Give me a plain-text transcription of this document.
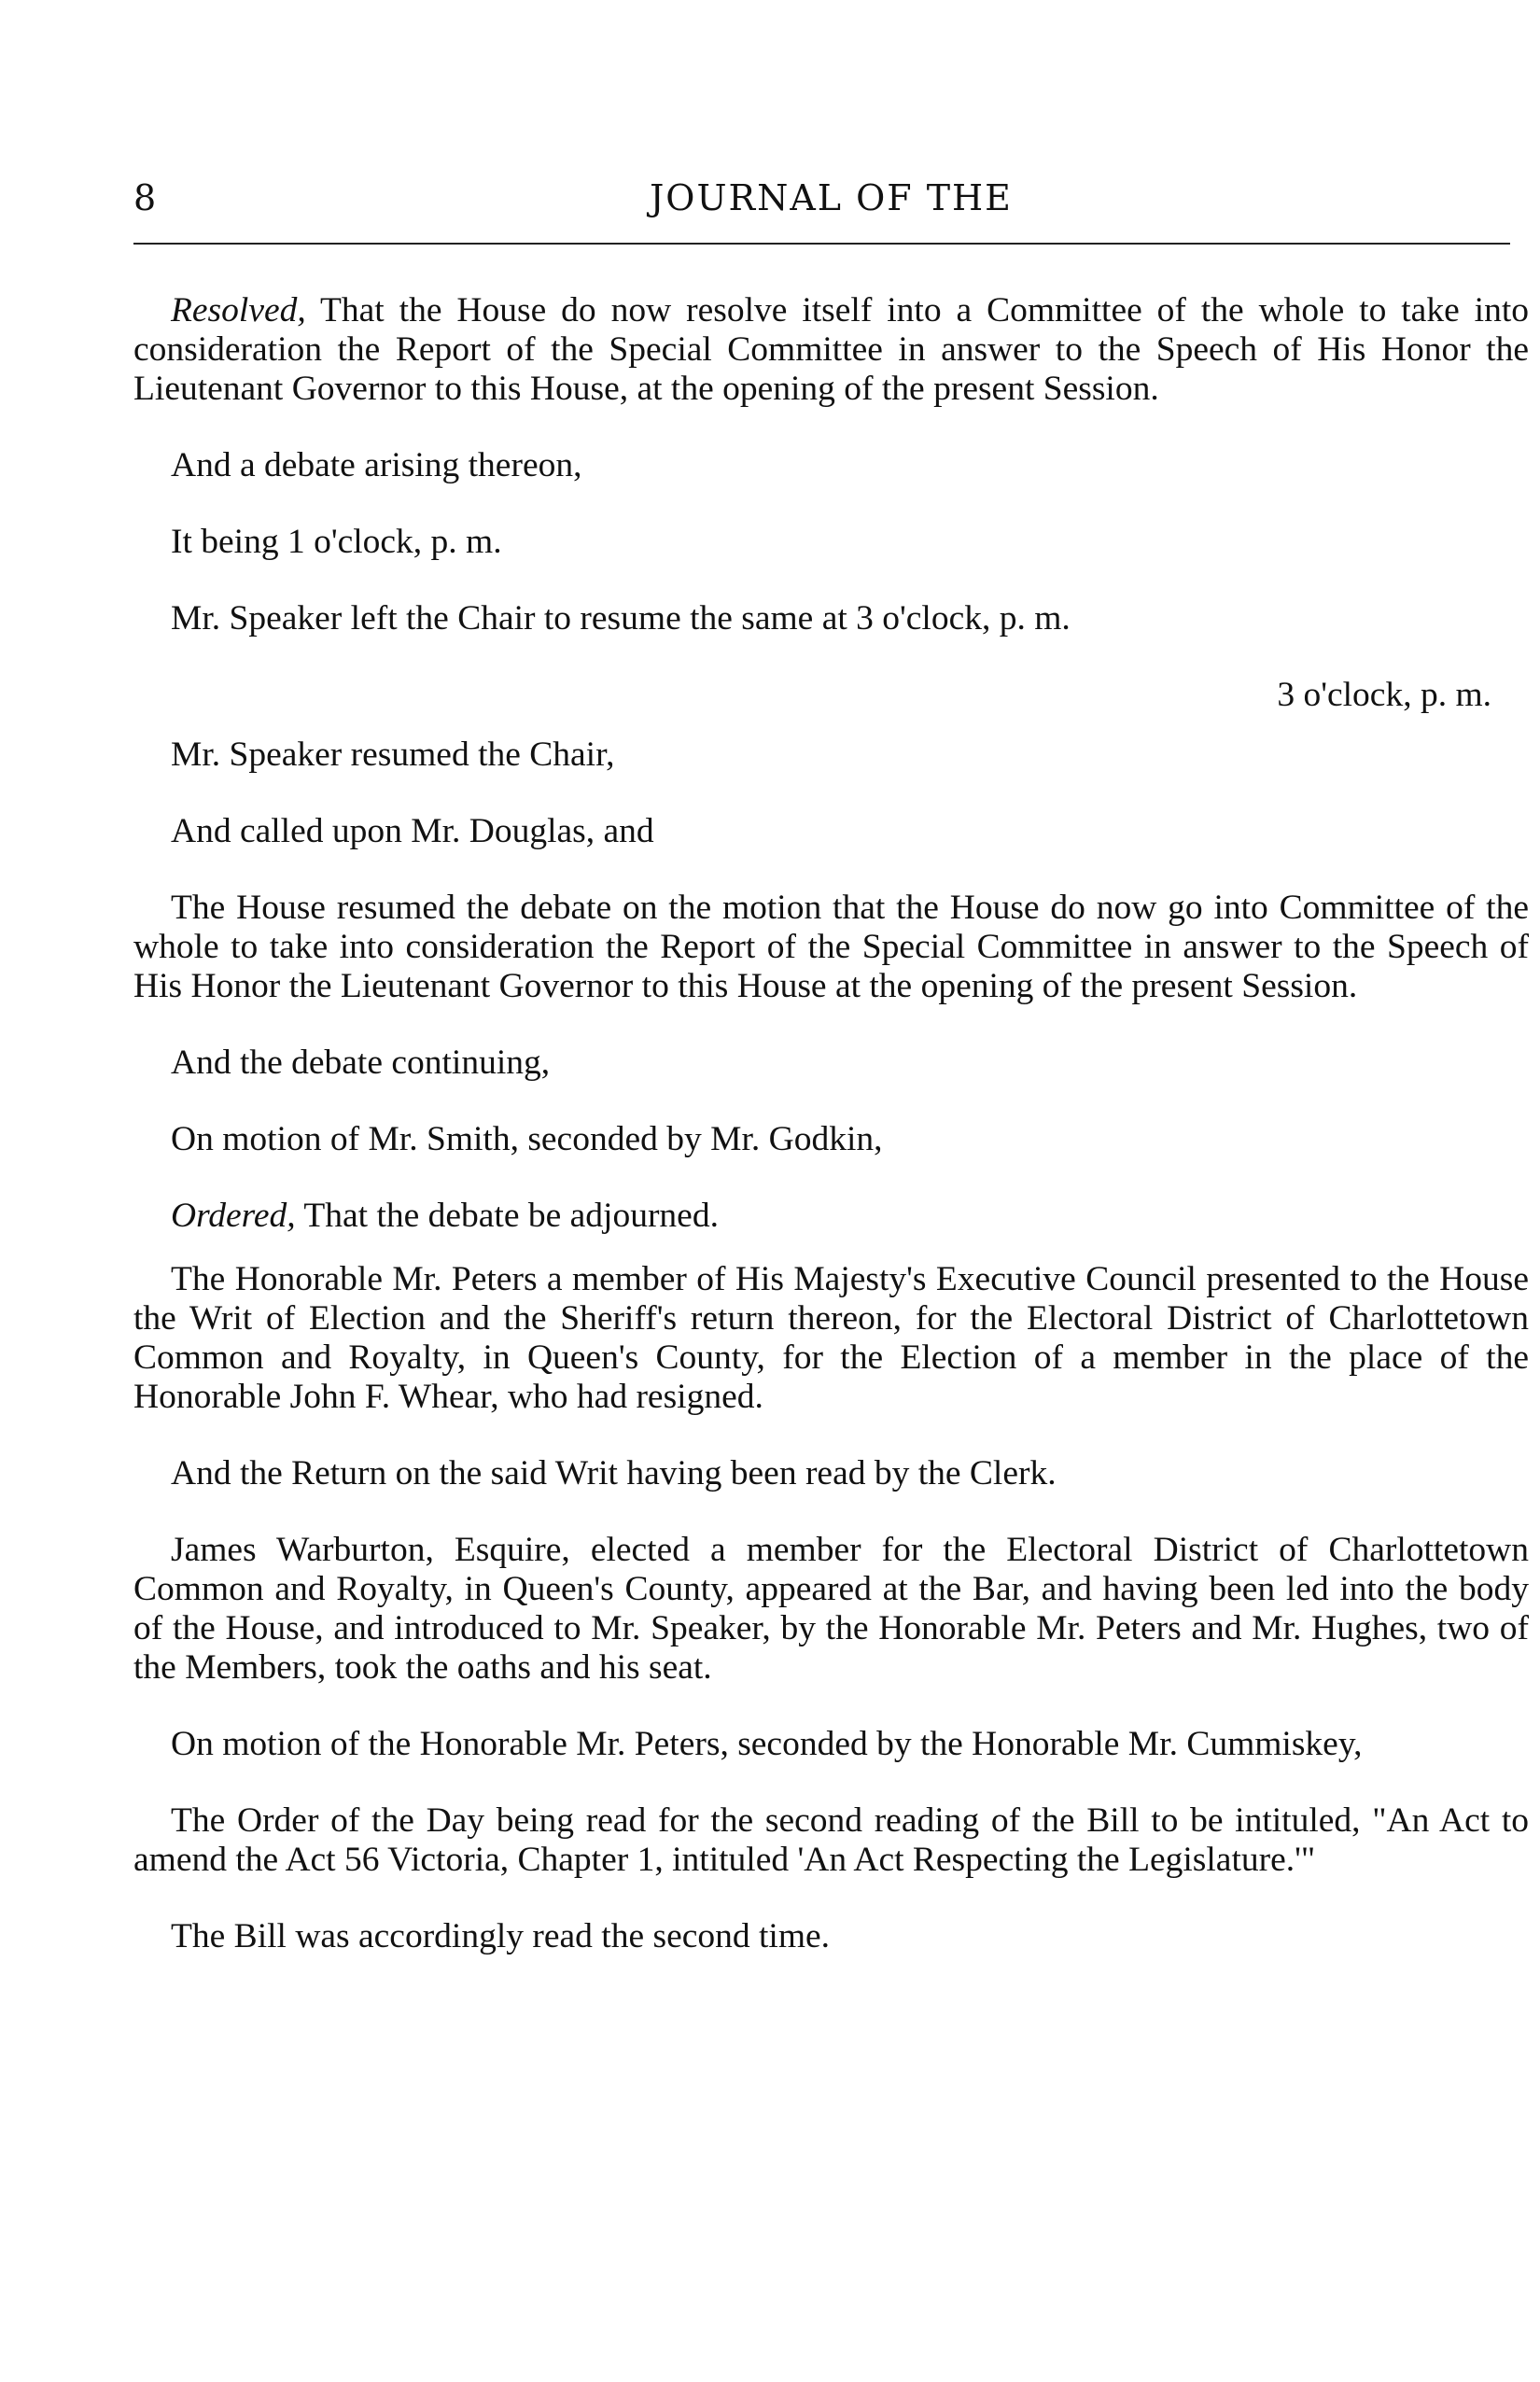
8	JOURNAL OF THE

Resolved, That the House do now resolve itself into a Committee of the whole to take into consideration the Report of the Special Committee in answer to the Speech of His Honor the Lieutenant Governor to this House, at the opening of the present Session.

And a debate arising thereon,

It being 1 o'clock, p. m.

Mr. Speaker left the Chair to resume the same at 3 o'clock, p. m.

3 o'clock, p. m.

Mr. Speaker resumed the Chair,

And called upon Mr. Douglas, and

The House resumed the debate on the motion that the House do now go into Committee of the whole to take into consideration the Report of the Special Committee in answer to the Speech of His Honor the Lieutenant Governor to this House at the opening of the present Session.

And the debate continuing,

On motion of Mr. Smith, seconded by Mr. Godkin,

Ordered, That the debate be adjourned.

The Honorable Mr. Peters a member of His Majesty's Executive Council presented to the House the Writ of Election and the Sheriff's return thereon, for the Electoral District of Charlottetown Common and Royalty, in Queen's County, for the Election of a member in the place of the Honorable John F. Whear, who had resigned.

And the Return on the said Writ having been read by the Clerk.

James Warburton, Esquire, elected a member for the Electoral District of Charlottetown Common and Royalty, in Queen's County, appeared at the Bar, and having been led into the body of the House, and introduced to Mr. Speaker, by the Honorable Mr. Peters and Mr. Hughes, two of the Members, took the oaths and his seat.

On motion of the Honorable Mr. Peters, seconded by the Honorable Mr. Cummiskey,

The Order of the Day being read for the second reading of the Bill to be intituled, "An Act to amend the Act 56 Victoria, Chapter 1, intituled 'An Act Respecting the Legislature.'"

The Bill was accordingly read the second time.
